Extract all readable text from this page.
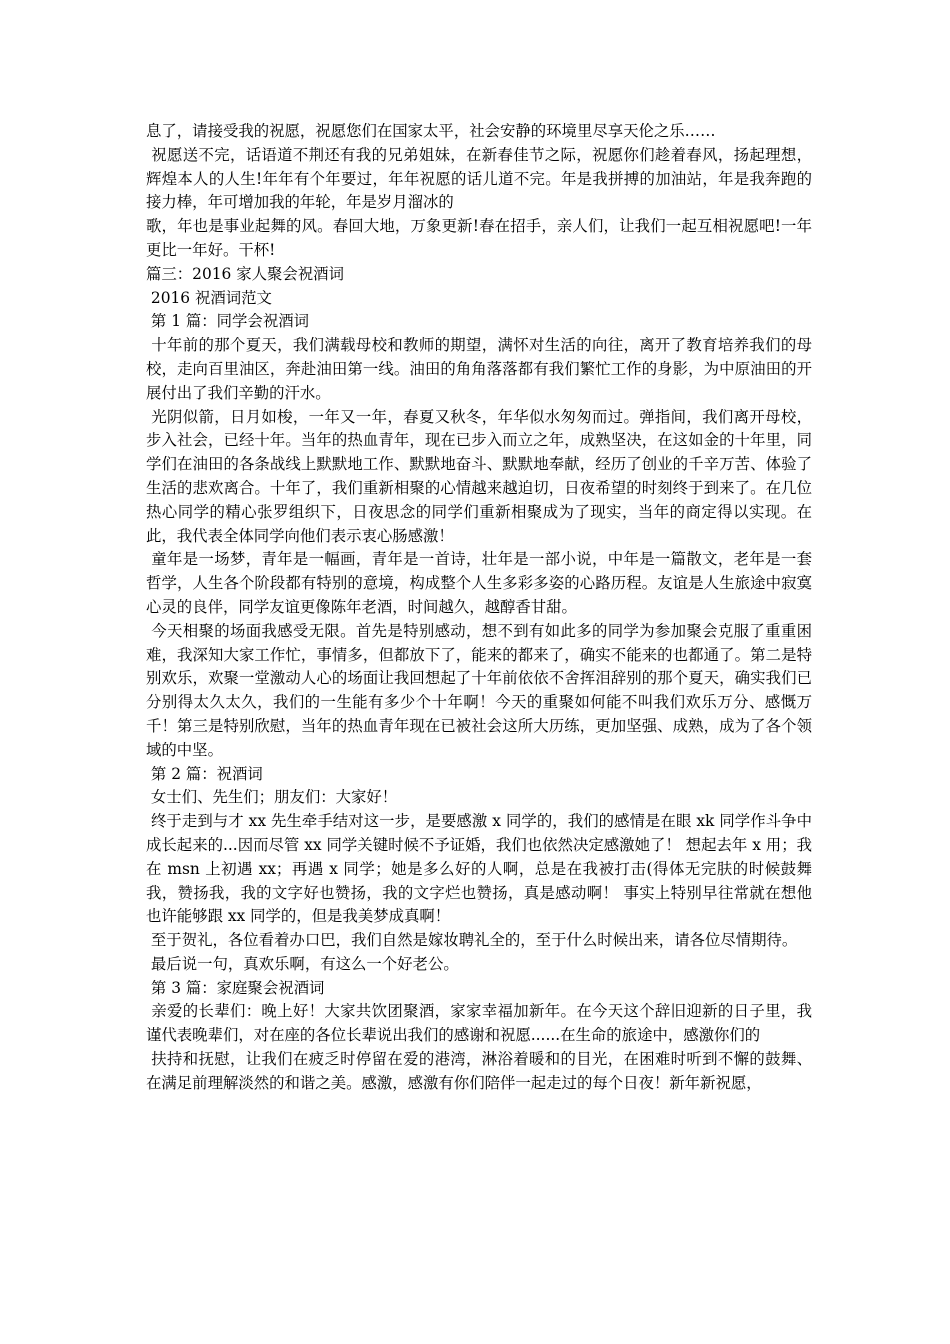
息了，请接受我的祝愿，祝愿您们在国家太平，社会安静的环境里尽享天伦之乐……

祝愿送不完，话语道不荆还有我的兄弟姐妹，在新春佳节之际，祝愿你们趁着春风，扬起理想，辉煌本人的人生!年年有个年要过，年年祝愿的话儿道不完。年是我拼搏的加油站，年是我奔跑的接力棒，年可增加我的年轮，年是岁月溜冰的

歌，年也是事业起舞的风。春回大地，万象更新!春在招手，亲人们，让我们一起互相祝愿吧!一年更比一年好。干杯!

篇三：2016 家人聚会祝酒词

2016 祝酒词范文

第 1 篇：同学会祝酒词

十年前的那个夏天，我们满载母校和教师的期望，满怀对生活的向往，离开了教育培养我们的母校，走向百里油区，奔赴油田第一线。油田的角角落落都有我们繁忙工作的身影，为中原油田的开展付出了我们辛勤的汗水。

光阴似箭，日月如梭，一年又一年，春夏又秋冬，年华似水匆匆而过。弹指间，我们离开母校，步入社会，已经十年。当年的热血青年，现在已步入而立之年，成熟坚决，在这如金的十年里，同学们在油田的各条战线上默默地工作、默默地奋斗、默默地奉献，经历了创业的千辛万苦、体验了生活的悲欢离合。十年了，我们重新相聚的心情越来越迫切，日夜希望的时刻终于到来了。在几位热心同学的精心张罗组织下，日夜思念的同学们重新相聚成为了现实，当年的商定得以实现。在此，我代表全体同学向他们表示衷心肠感激！

童年是一场梦，青年是一幅画，青年是一首诗，壮年是一部小说，中年是一篇散文，老年是一套哲学，人生各个阶段都有特别的意境，构成整个人生多彩多姿的心路历程。友谊是人生旅途中寂寞心灵的良伴，同学友谊更像陈年老酒，时间越久，越醇香甘甜。

今天相聚的场面我感受无限。首先是特别感动，想不到有如此多的同学为参加聚会克服了重重困难，我深知大家工作忙，事情多，但都放下了，能来的都来了，确实不能来的也都通了。第二是特别欢乐，欢聚一堂激动人心的场面让我回想起了十年前依依不舍挥泪辞别的那个夏天，确实我们已分别得太久太久，我们的一生能有多少个十年啊！今天的重聚如何能不叫我们欢乐万分、感慨万千！第三是特别欣慰，当年的热血青年现在已被社会这所大历练，更加坚强、成熟，成为了各个领域的中坚。

第 2 篇：祝酒词

女士们、先生们；朋友们：大家好！

终于走到与才 xx 先生牵手结对这一步，是要感激 x 同学的，我们的感情是在眼 xk 同学作斗争中成长起来的...因而尽管 xx 同学关键时候不予证婚，我们也依然决定感激她了！ 想起去年 x 用；我在 msn 上初遇 xx；再遇 x 同学；她是多么好的人啊，总是在我被打击(得体无完肤的时候鼓舞我，赞扬我，我的文字好也赞扬，我的文字烂也赞扬，真是感动啊！ 事实上特别早往常就在想他也许能够跟 xx 同学的，但是我美梦成真啊！

至于贺礼，各位看着办口巴，我们自然是嫁妆聘礼全的，至于什么时候出来，请各位尽情期待。

最后说一句，真欢乐啊，有这么一个好老公。

第 3 篇：家庭聚会祝酒词

亲爱的长辈们：晚上好！大家共饮团聚酒，家家幸福加新年。在今天这个辞旧迎新的日子里，我谨代表晚辈们，对在座的各位长辈说出我们的感谢和祝愿......在生命的旅途中，感激你们的

扶持和抚慰，让我们在疲乏时停留在爱的港湾，淋浴着暖和的目光，在困难时听到不懈的鼓舞、在满足前理解淡然的和谐之美。感激，感激有你们陪伴一起走过的每个日夜！新年新祝愿，
